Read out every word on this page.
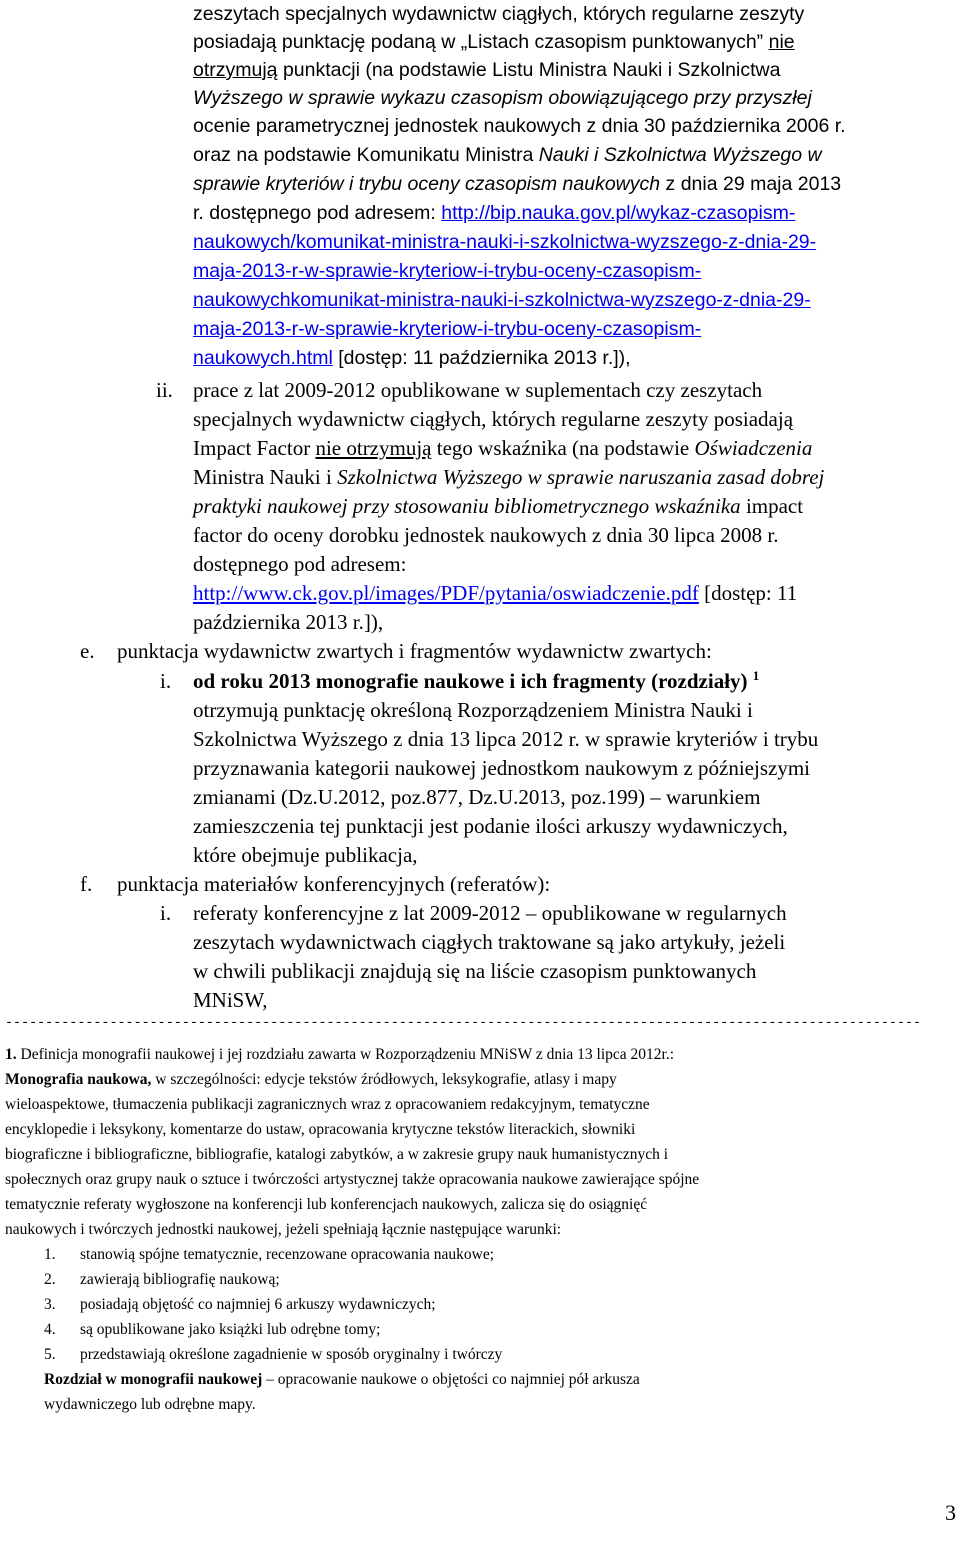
zeszytach specjalnych wydawnictw ciągłych, których regularne zeszyty
posiadają punktację podaną w „Listach czasopism punktowanych” nie
otrzymują punktacji (na podstawie Listu Ministra Nauki i Szkolnictwa
Wyższego w sprawie wykazu czasopism obowiązującego przy przyszłej
ocenie parametrycznej jednostek naukowych z dnia 30 października 2006 r.
oraz na podstawie Komunikatu Ministra Nauki i Szkolnictwa Wyższego w
sprawie kryteriów i trybu oceny czasopism naukowych z dnia 29 maja 2013
r. dostępnego pod adresem: http://bip.nauka.gov.pl/wykaz-czasopism-
naukowych/komunikat-ministra-nauki-i-szkolnictwa-wyzszego-z-dnia-29-
maja-2013-r-w-sprawie-kryteriow-i-trybu-oceny-czasopism-
naukowychkomunikat-ministra-nauki-i-szkolnictwa-wyzszego-z-dnia-29-
maja-2013-r-w-sprawie-kryteriow-i-trybu-oceny-czasopism-
naukowych.html [dostęp: 11 października 2013 r.]),
ii. prace z lat 2009-2012 opublikowane w suplementach czy zeszytach
specjalnych wydawnictw ciągłych, których regularne zeszyty posiadają
Impact Factor nie otrzymują tego wskaźnika (na podstawie Oświadczenia
Ministra Nauki i Szkolnictwa Wyższego w sprawie naruszania zasad dobrej
praktyki naukowej przy stosowaniu bibliometrycznego wskaźnika impact
factor do oceny dorobku jednostek naukowych z dnia 30 lipca 2008 r.
dostępnego pod adresem:
http://www.ck.gov.pl/images/PDF/pytania/oswiadczenie.pdf [dostęp: 11
października 2013 r.]),
e. punktacja wydawnictw zwartych i fragmentów wydawnictw zwartych:
i. od roku 2013 monografie naukowe i ich fragmenty (rozdziały) $^1$
otrzymują punktację określoną Rozporządzeniem Ministra Nauki i
Szkolnictwa Wyższego z dnia 13 lipca 2012 r. w sprawie kryteriów i trybu
przyznawania kategorii naukowej jednostkom naukowym z późniejszymi
zmianami (Dz.U.2012, poz.877, Dz.U.2013, poz.199) – warunkiem
zamieszczenia tej punktacji jest podanie ilości arkuszy wydawniczych,
które obejmuje publikacja,
f. punktacja materiałów konferencyjnych (referatów):
i. referaty konferencyjne z lat 2009-2012 – opublikowane w regularnych
zeszytach wydawnictwach ciągłych traktowane są jako artykuły, jeżeli
w chwili publikacji znajdują się na liście czasopism punktowanych
MNiSW,
------------------------------------------------------------------------------------------------------------------
1. Definicja monografii naukowej i jej rozdziału zawarta w Rozporządzeniu MNiSW z dnia 13 lipca 2012r.:
Monografia naukowa, w szczególności: edycje tekstów źródłowych, leksykografie, atlasy i mapy
wieloaspektowe, tłumaczenia publikacji zagranicznych wraz z opracowaniem redakcyjnym, tematyczne
encyklopedie i leksykony, komentarze do ustaw, opracowania krytyczne tekstów literackich, słowniki
biograficzne i bibliograficzne, bibliografie, katalogi zabytków, a w zakresie grupy nauk humanistycznych i
społecznych oraz grupy nauk o sztuce i twórczości artystycznej także opracowania naukowe zawierające spójne
tematycznie referaty wygłoszone na konferencji lub konferencjach naukowych, zalicza się do osiągnięć
naukowych i twórczych jednostki naukowej, jeżeli spełniają łącznie następujące warunki:
1. stanowią spójne tematycznie, recenzowane opracowania naukowe;
2. zawierają bibliografię naukową;
3. posiadają objętość co najmniej 6 arkuszy wydawniczych;
4. są opublikowane jako książki lub odrębne tomy;
5. przedstawiają określone zagadnienie w sposób oryginalny i twórczy
Rozdział w monografii naukowej – opracowanie naukowe o objętości co najmniej pół arkusza
wydawniczego lub odrębne mapy.
3
